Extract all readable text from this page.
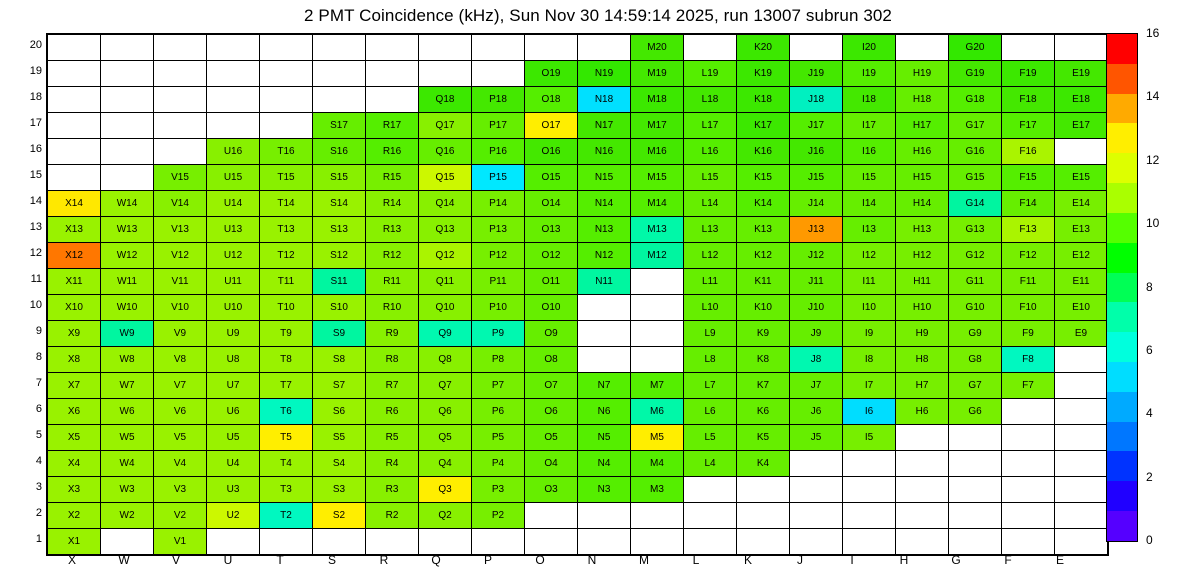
2 PMT Coincidence (kHz), Sun Nov 30 14:59:14 2025, run 13007 subrun 302
20
19
18
17
16
15
14
13
12
11
10
9
8
7
6
5
4
3
2
1
											M20		K20		I20		G20		
									O19	N19	M19	L19	K19	J19	I19	H19	G19	F19	E19
							Q18	P18	O18	N18	M18	L18	K18	J18	I18	H18	G18	F18	E18
					S17	R17	Q17	P17	O17	N17	M17	L17	K17	J17	I17	H17	G17	F17	E17
			U16	T16	S16	R16	Q16	P16	O16	N16	M16	L16	K16	J16	I16	H16	G16	F16	
		V15	U15	T15	S15	R15	Q15	P15	O15	N15	M15	L15	K15	J15	I15	H15	G15	F15	E15
X14	W14	V14	U14	T14	S14	R14	Q14	P14	O14	N14	M14	L14	K14	J14	I14	H14	G14	F14	E14
X13	W13	V13	U13	T13	S13	R13	Q13	P13	O13	N13	M13	L13	K13	J13	I13	H13	G13	F13	E13
X12	W12	V12	U12	T12	S12	R12	Q12	P12	O12	N12	M12	L12	K12	J12	I12	H12	G12	F12	E12
X11	W11	V11	U11	T11	S11	R11	Q11	P11	O11	N11		L11	K11	J11	I11	H11	G11	F11	E11
X10	W10	V10	U10	T10	S10	R10	Q10	P10	O10			L10	K10	J10	I10	H10	G10	F10	E10
X9	W9	V9	U9	T9	S9	R9	Q9	P9	O9			L9	K9	J9	I9	H9	G9	F9	E9
X8	W8	V8	U8	T8	S8	R8	Q8	P8	O8			L8	K8	J8	I8	H8	G8	F8	
X7	W7	V7	U7	T7	S7	R7	Q7	P7	O7	N7	M7	L7	K7	J7	I7	H7	G7	F7	
X6	W6	V6	U6	T6	S6	R6	Q6	P6	O6	N6	M6	L6	K6	J6	I6	H6	G6		
X5	W5	V5	U5	T5	S5	R5	Q5	P5	O5	N5	M5	L5	K5	J5	I5				
X4	W4	V4	U4	T4	S4	R4	Q4	P4	O4	N4	M4	L4	K4						
X3	W3	V3	U3	T3	S3	R3	Q3	P3	O3	N3	M3								
X2	W2	V2	U2	T2	S2	R2	Q2	P2											
X1		V1																	
X	W	V	U	T	S	R	Q	P	O	N	M	L	K	J	I	H	G	F	E
0
2
4
6
8
10
12
14
16
